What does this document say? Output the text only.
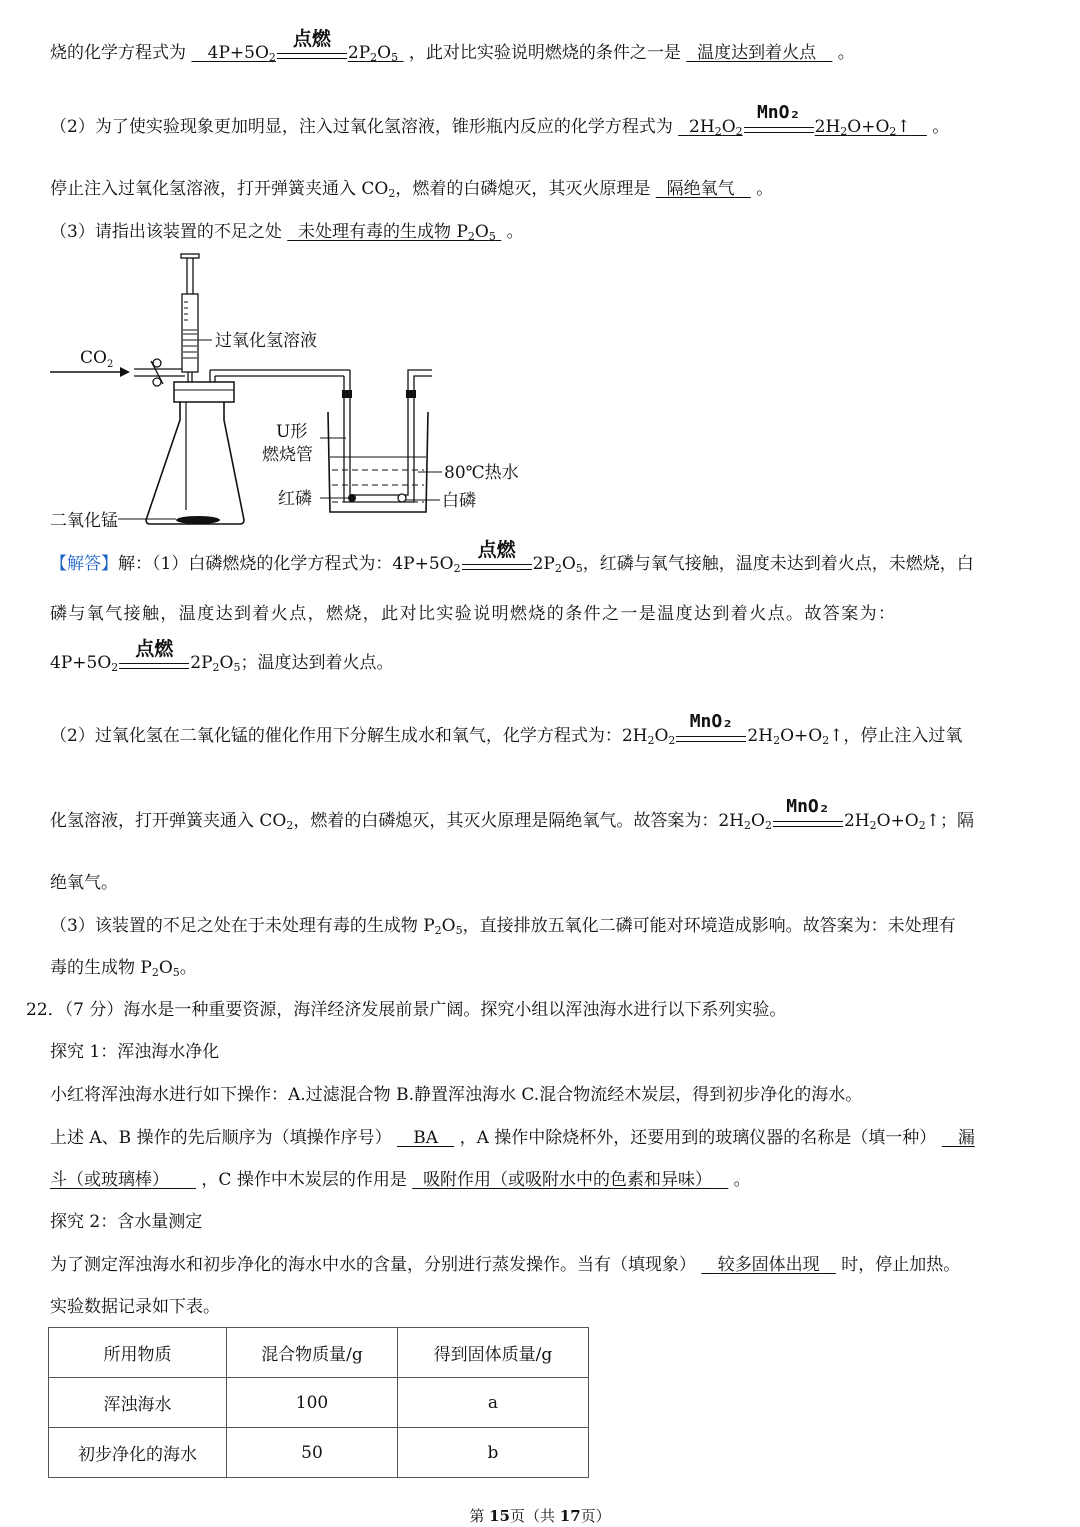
烧的化学方程式为    $4P+5O_2$
点燃
$2P_2O_5$  ，此对比实验说明燃烧的条件之一是   温度达到着火点    。
（2）为了使实验现象更加明显，注入过氧化氢溶液，锥形瓶内反应的化学方程式为   $2H_2O_2$
MnO₂
$2H_2O+O_2↑$    。
停止注入过氧化氢溶液，打开弹簧夹通入 $CO_2$，燃着的白磷熄灭，其灭火原理是   隔绝氧气    。
（3）请指出该装置的不足之处   未处理有毒的生成物 $P_2O_5$  。
$CO_2$
过氧化氢溶液
二氧化锰
U形
燃烧管
80℃热水
红磷	白磷
【解答】解：（1）白磷燃烧的化学方程式为：$4P+5O_2$
点燃
$2P_2O_5$，红磷与氧气接触，温度未达到着火点，未燃烧，白
磷与氧气接触，温度达到着火点，燃烧，此对比实验说明燃烧的条件之一是温度达到着火点。故答案为：
$4P+5O_2$
点燃
$2P_2O_5$；温度达到着火点。
（2）过氧化氢在二氧化锰的催化作用下分解生成水和氧气，化学方程式为：$2H_2O_2$
MnO₂
$2H_2O+O_2↑$，停止注入过氧
化氢溶液，打开弹簧夹通入 $CO_2$，燃着的白磷熄灭，其灭火原理是隔绝氧气。故答案为：$2H_2O_2$
MnO₂
$2H_2O+O_2↑$；隔
绝氧气。
（3）该装置的不足之处在于未处理有毒的生成物 $P_2O_5$，直接排放五氧化二磷可能对环境造成影响。故答案为：未处理有
毒的生成物 $P_2O_5$。
22．（7 分）海水是一种重要资源，海洋经济发展前景广阔。探究小组以浑浊海水进行以下系列实验。
探究 1：浑浊海水净化
小红将浑浊海水进行如下操作：A.过滤混合物 B.静置浑浊海水 C.混合物流经木炭层，得到初步净化的海水。
上述 A、B 操作的先后顺序为（填操作序号）    BA    ，A 操作中除烧杯外，还要用到的玻璃仪器的名称是（填一种）    漏
斗（或玻璃棒）      ，C 操作中木炭层的作用是   吸附作用（或吸附水中的色素和异味）    。
探究 2：含水量测定
为了测定浑浊海水和初步净化的海水中水的含量，分别进行蒸发操作。当有（填现象）    较多固体出现    时，停止加热。
实验数据记录如下表。
所用物质	混合物质量/g	得到固体质量/g
浑浊海水	100	a
初步净化的海水	50	b
第 15页（共 17页）
